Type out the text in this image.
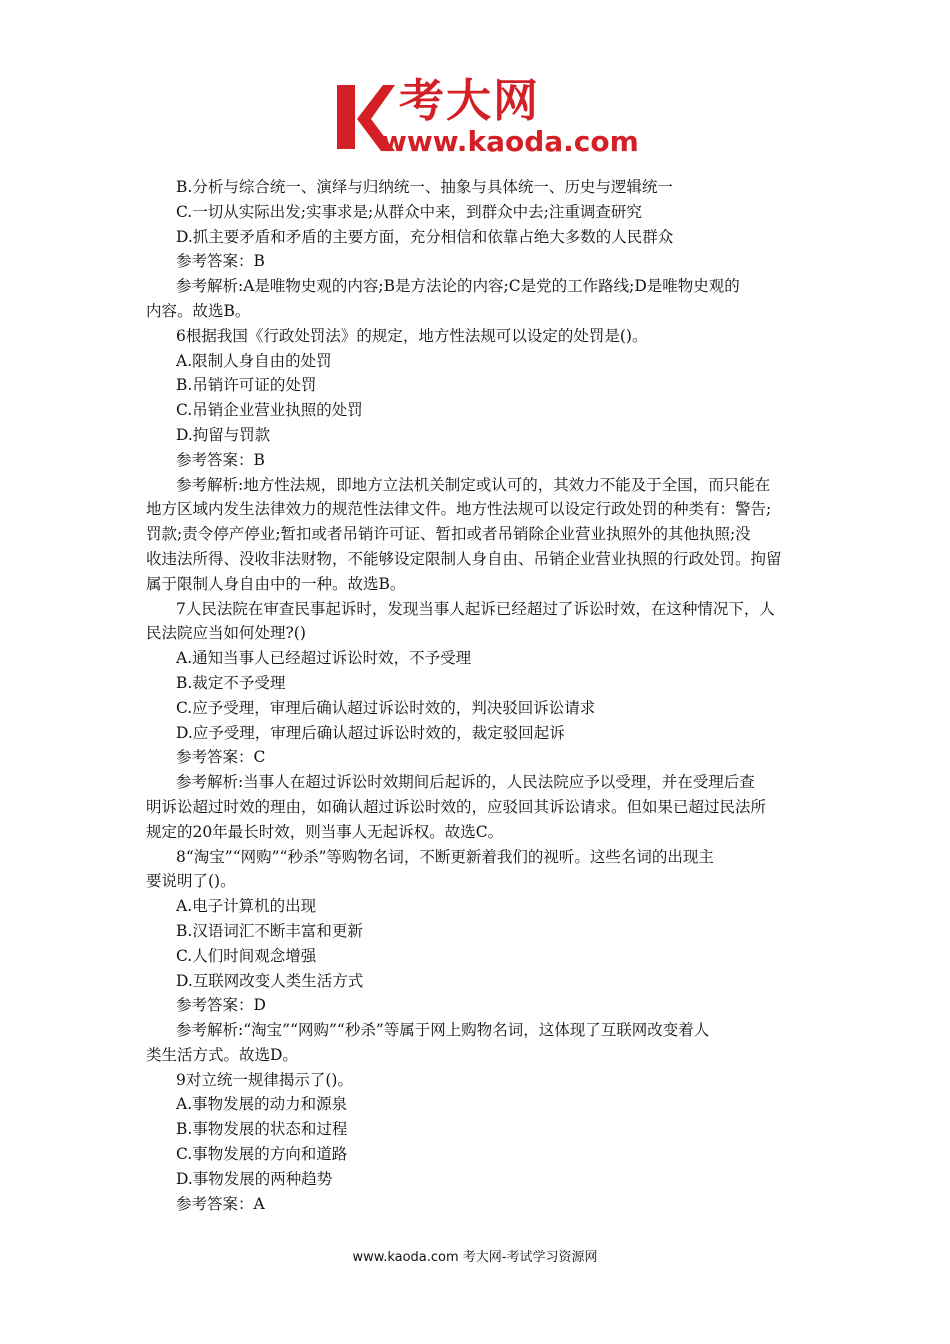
考大网
www.kaoda.com

B.分析与综合统一、演绎与归纳统一、抽象与具体统一、历史与逻辑统一

C.一切从实际出发;实事求是;从群众中来，到群众中去;注重调查研究

D.抓主要矛盾和矛盾的主要方面，充分相信和依靠占绝大多数的人民群众

参考答案：B

参考解析:A是唯物史观的内容;B是方法论的内容;C是党的工作路线;D是唯物史观的

内容。故选B。

6根据我国《行政处罚法》的规定，地方性法规可以设定的处罚是()。

A.限制人身自由的处罚

B.吊销许可证的处罚

C.吊销企业营业执照的处罚

D.拘留与罚款

参考答案：B

参考解析:地方性法规，即地方立法机关制定或认可的，其效力不能及于全国，而只能在

地方区域内发生法律效力的规范性法律文件。地方性法规可以设定行政处罚的种类有：警告;

罚款;责令停产停业;暂扣或者吊销许可证、暂扣或者吊销除企业营业执照外的其他执照;没

收违法所得、没收非法财物，不能够设定限制人身自由、吊销企业营业执照的行政处罚。拘留

属于限制人身自由中的一种。故选B。

7人民法院在审查民事起诉时，发现当事人起诉已经超过了诉讼时效，在这种情况下，人

民法院应当如何处理?()

A.通知当事人已经超过诉讼时效，不予受理

B.裁定不予受理

C.应予受理，审理后确认超过诉讼时效的，判决驳回诉讼请求

D.应予受理，审理后确认超过诉讼时效的，裁定驳回起诉

参考答案：C

参考解析:当事人在超过诉讼时效期间后起诉的，人民法院应予以受理，并在受理后查

明诉讼超过时效的理由，如确认超过诉讼时效的，应驳回其诉讼请求。但如果已超过民法所

规定的20年最长时效，则当事人无起诉权。故选C。

8“淘宝”“网购”“秒杀”等购物名词，不断更新着我们的视听。这些名词的出现主

要说明了()。

A.电子计算机的出现

B.汉语词汇不断丰富和更新

C.人们时间观念增强

D.互联网改变人类生活方式

参考答案：D

参考解析:“淘宝”“网购”“秒杀”等属于网上购物名词，这体现了互联网改变着人

类生活方式。故选D。

9对立统一规律揭示了()。

A.事物发展的动力和源泉

B.事物发展的状态和过程

C.事物发展的方向和道路

D.事物发展的两种趋势

参考答案：A

www.kaoda.com 考大网-考试学习资源网
